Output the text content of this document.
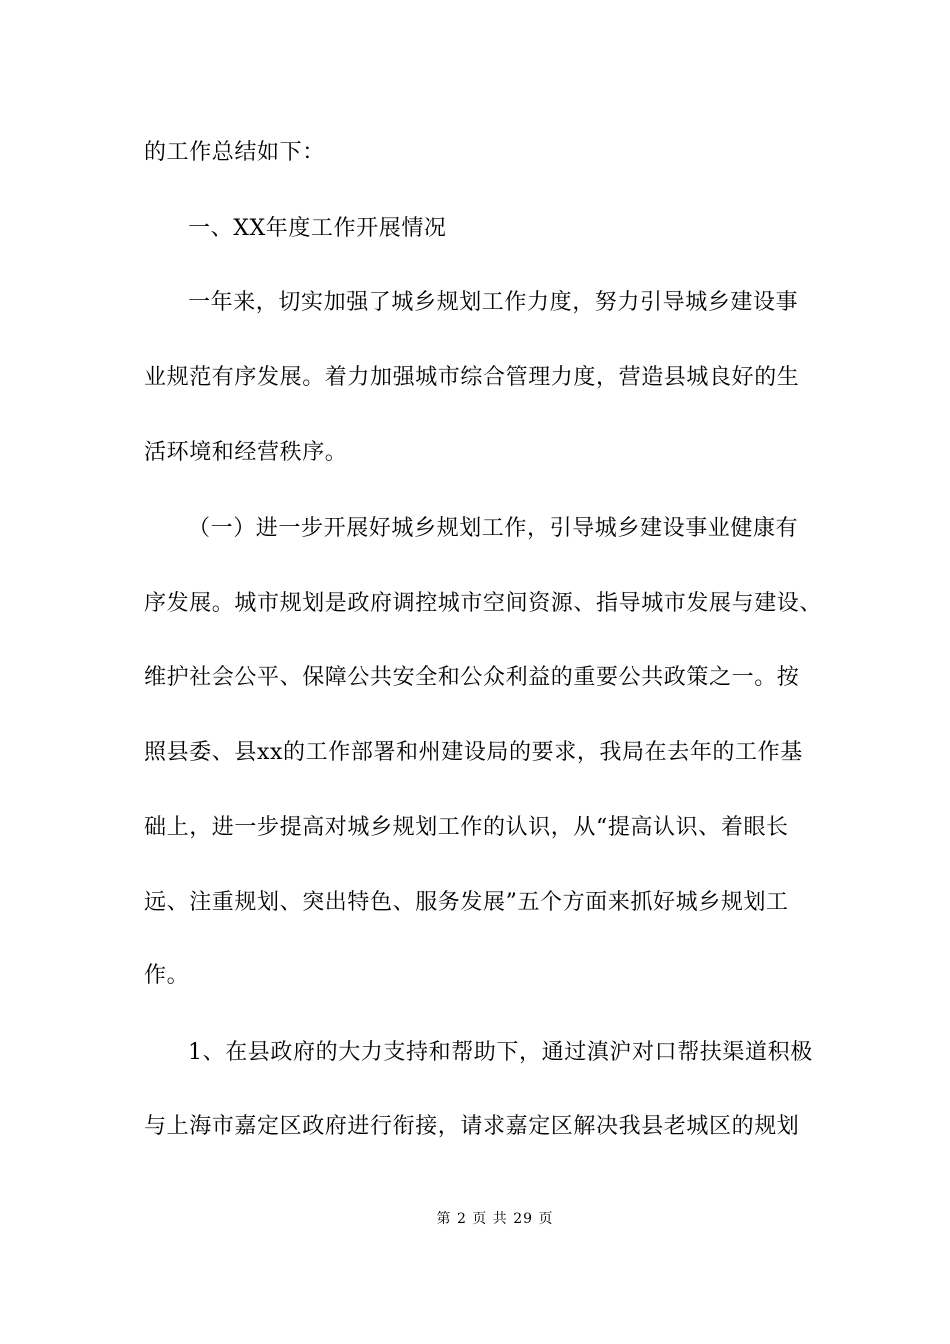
的工作总结如下：
一、XX年度工作开展情况
一年来，切实加强了城乡规划工作力度，努力引导城乡建设事
业规范有序发展。着力加强城市综合管理力度，营造县城良好的生
活环境和经营秩序。
（一）进一步开展好城乡规划工作，引导城乡建设事业健康有
序发展。城市规划是政府调控城市空间资源、指导城市发展与建设、
维护社会公平、保障公共安全和公众利益的重要公共政策之一。按
照县委、县xx的工作部署和州建设局的要求，我局在去年的工作基
础上，进一步提高对城乡规划工作的认识，从“提高认识、着眼长
远、注重规划、突出特色、服务发展”五个方面来抓好城乡规划工
作。
1、在县政府的大力支持和帮助下，通过滇沪对口帮扶渠道积极
与上海市嘉定区政府进行衔接，请求嘉定区解决我县老城区的规划
第 2 页 共 29 页
